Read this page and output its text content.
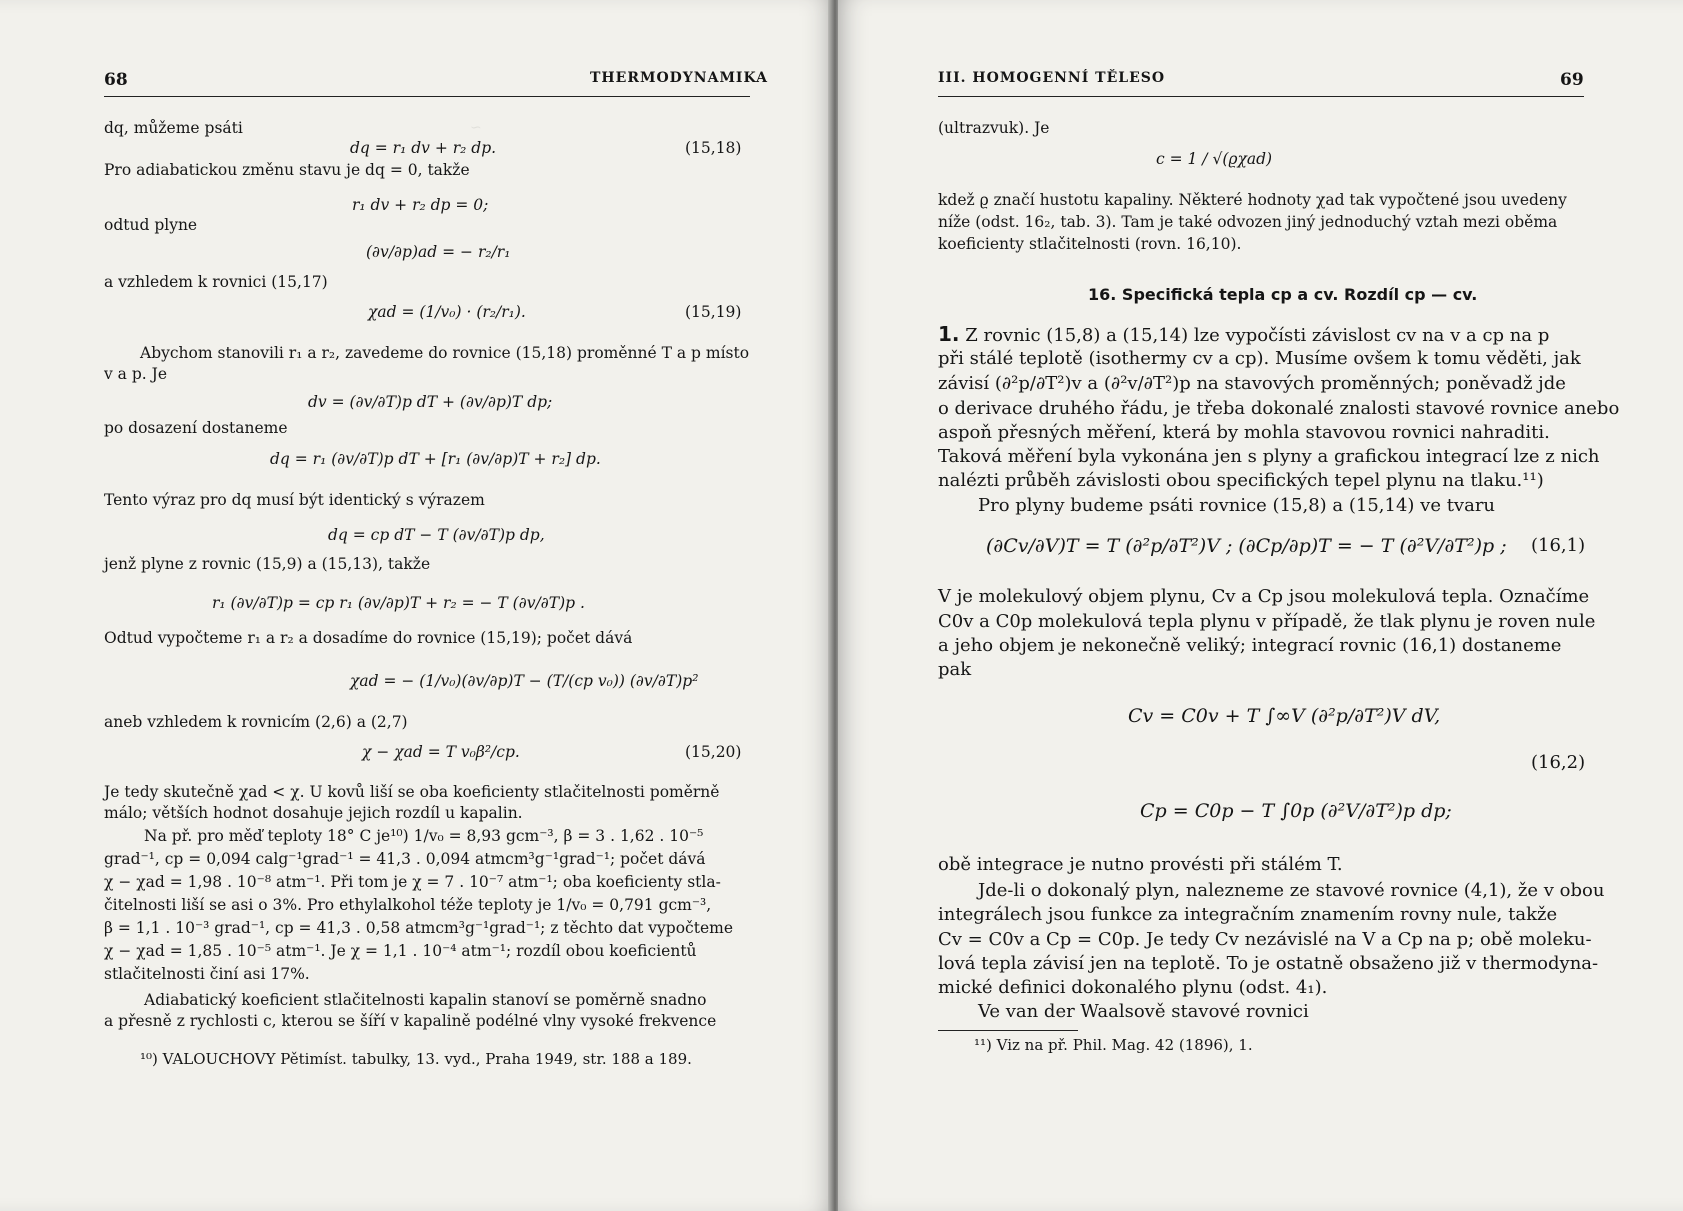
~
68	THERMODYNAMIKA
dq, můžeme psáti
dq = r₁ dv + r₂ dp.	(15,18)
Pro adiabatickou změnu stavu je dq = 0, takže
r₁ dv + r₂ dp = 0;
odtud plyne
(∂v/∂p)ad = − r₂/r₁
a vzhledem k rovnici (15,17)
χad = (1/v₀) · (r₂/r₁).	(15,19)
Abychom stanovili r₁ a r₂, zavedeme do rovnice (15,18) proměnné T a p místo
v a p. Je
dv = (∂v/∂T)p dT + (∂v/∂p)T dp;
po dosazení dostaneme
dq = r₁ (∂v/∂T)p dT + [r₁ (∂v/∂p)T + r₂] dp.
Tento výraz pro dq musí být identický s výrazem
dq = cp dT − T (∂v/∂T)p dp,
jenž plyne z rovnic (15,9) a (15,13), takže
r₁ (∂v/∂T)p = cp r₁ (∂v/∂p)T + r₂ = − T (∂v/∂T)p .
Odtud vypočteme r₁ a r₂ a dosadíme do rovnice (15,19); počet dává
χad = − (1/v₀)(∂v/∂p)T − (T/(cp v₀)) (∂v/∂T)p²
aneb vzhledem k rovnicím (2,6) a (2,7)
χ − χad = T v₀β²/cp.	(15,20)
Je tedy skutečně χad < χ. U kovů liší se oba koeficienty stlačitelnosti poměrně
málo; větších hodnot dosahuje jejich rozdíl u kapalin.
Na př. pro měď teploty 18° C je¹⁰) 1/v₀ = 8,93 gcm⁻³, β = 3 . 1,62 . 10⁻⁵
grad⁻¹, cp = 0,094 calg⁻¹grad⁻¹ = 41,3 . 0,094 atmcm³g⁻¹grad⁻¹; počet dává
χ − χad = 1,98 . 10⁻⁸ atm⁻¹. Při tom je χ = 7 . 10⁻⁷ atm⁻¹; oba koeficienty stla-
čitelnosti liší se asi o 3%. Pro ethylalkohol téže teploty je 1/v₀ = 0,791 gcm⁻³,
β = 1,1 . 10⁻³ grad⁻¹, cp = 41,3 . 0,58 atmcm³g⁻¹grad⁻¹; z těchto dat vypočteme
χ − χad = 1,85 . 10⁻⁵ atm⁻¹. Je χ = 1,1 . 10⁻⁴ atm⁻¹; rozdíl obou koeficientů
stlačitelnosti činí asi 17%.
Adiabatický koeficient stlačitelnosti kapalin stanoví se poměrně snadno
a přesně z rychlosti c, kterou se šíří v kapalině podélné vlny vysoké frekvence
¹⁰) VALOUCHOVY Pětimíst. tabulky, 13. vyd., Praha 1949, str. 188 a 189.
III. HOMOGENNÍ TĚLESO	69
(ultrazvuk). Je
c = 1 / √(ϱχad)
kdež ϱ značí hustotu kapaliny. Některé hodnoty χad tak vypočtené jsou uvedeny
níže (odst. 16₂, tab. 3). Tam je také odvozen jiný jednoduchý vztah mezi oběma
koeficienty stlačitelnosti (rovn. 16,10).
16. Specifická tepla cp a cv. Rozdíl cp — cv.
1. Z rovnic (15,8) a (15,14) lze vypočísti závislost cv na v a cp na p
při stálé teplotě (isothermy cv a cp). Musíme ovšem k tomu věděti, jak
závisí (∂²p/∂T²)v a (∂²v/∂T²)p na stavových proměnných; poněvadž jde
o derivace druhého řádu, je třeba dokonalé znalosti stavové rovnice anebo
aspoň přesných měření, která by mohla stavovou rovnici nahraditi.
Taková měření byla vykonána jen s plyny a grafickou integrací lze z nich
nalézti průběh závislosti obou specifických tepel plynu na tlaku.¹¹)
Pro plyny budeme psáti rovnice (15,8) a (15,14) ve tvaru
(∂Cv/∂V)T = T (∂²p/∂T²)V ; (∂Cp/∂p)T = − T (∂²V/∂T²)p ; (16,1)
V je molekulový objem plynu, Cv a Cp jsou molekulová tepla. Označíme
C0v a C0p molekulová tepla plynu v případě, že tlak plynu je roven nule
a jeho objem je nekonečně veliký; integrací rovnic (16,1) dostaneme
pak
Cv = C0v + T ∫∞V (∂²p/∂T²)V dV,
(16,2)
Cp = C0p − T ∫0p (∂²V/∂T²)p dp;
obě integrace je nutno provésti při stálém T.
Jde-li o dokonalý plyn, nalezneme ze stavové rovnice (4,1), že v obou
integrálech jsou funkce za integračním znamením rovny nule, takže
Cv = C0v a Cp = C0p. Je tedy Cv nezávislé na V a Cp na p; obě moleku-
lová tepla závisí jen na teplotě. To je ostatně obsaženo již v thermodyna-
mické definici dokonalého plynu (odst. 4₁).
Ve van der Waalsově stavové rovnici
¹¹) Viz na př. Phil. Mag. 42 (1896), 1.
